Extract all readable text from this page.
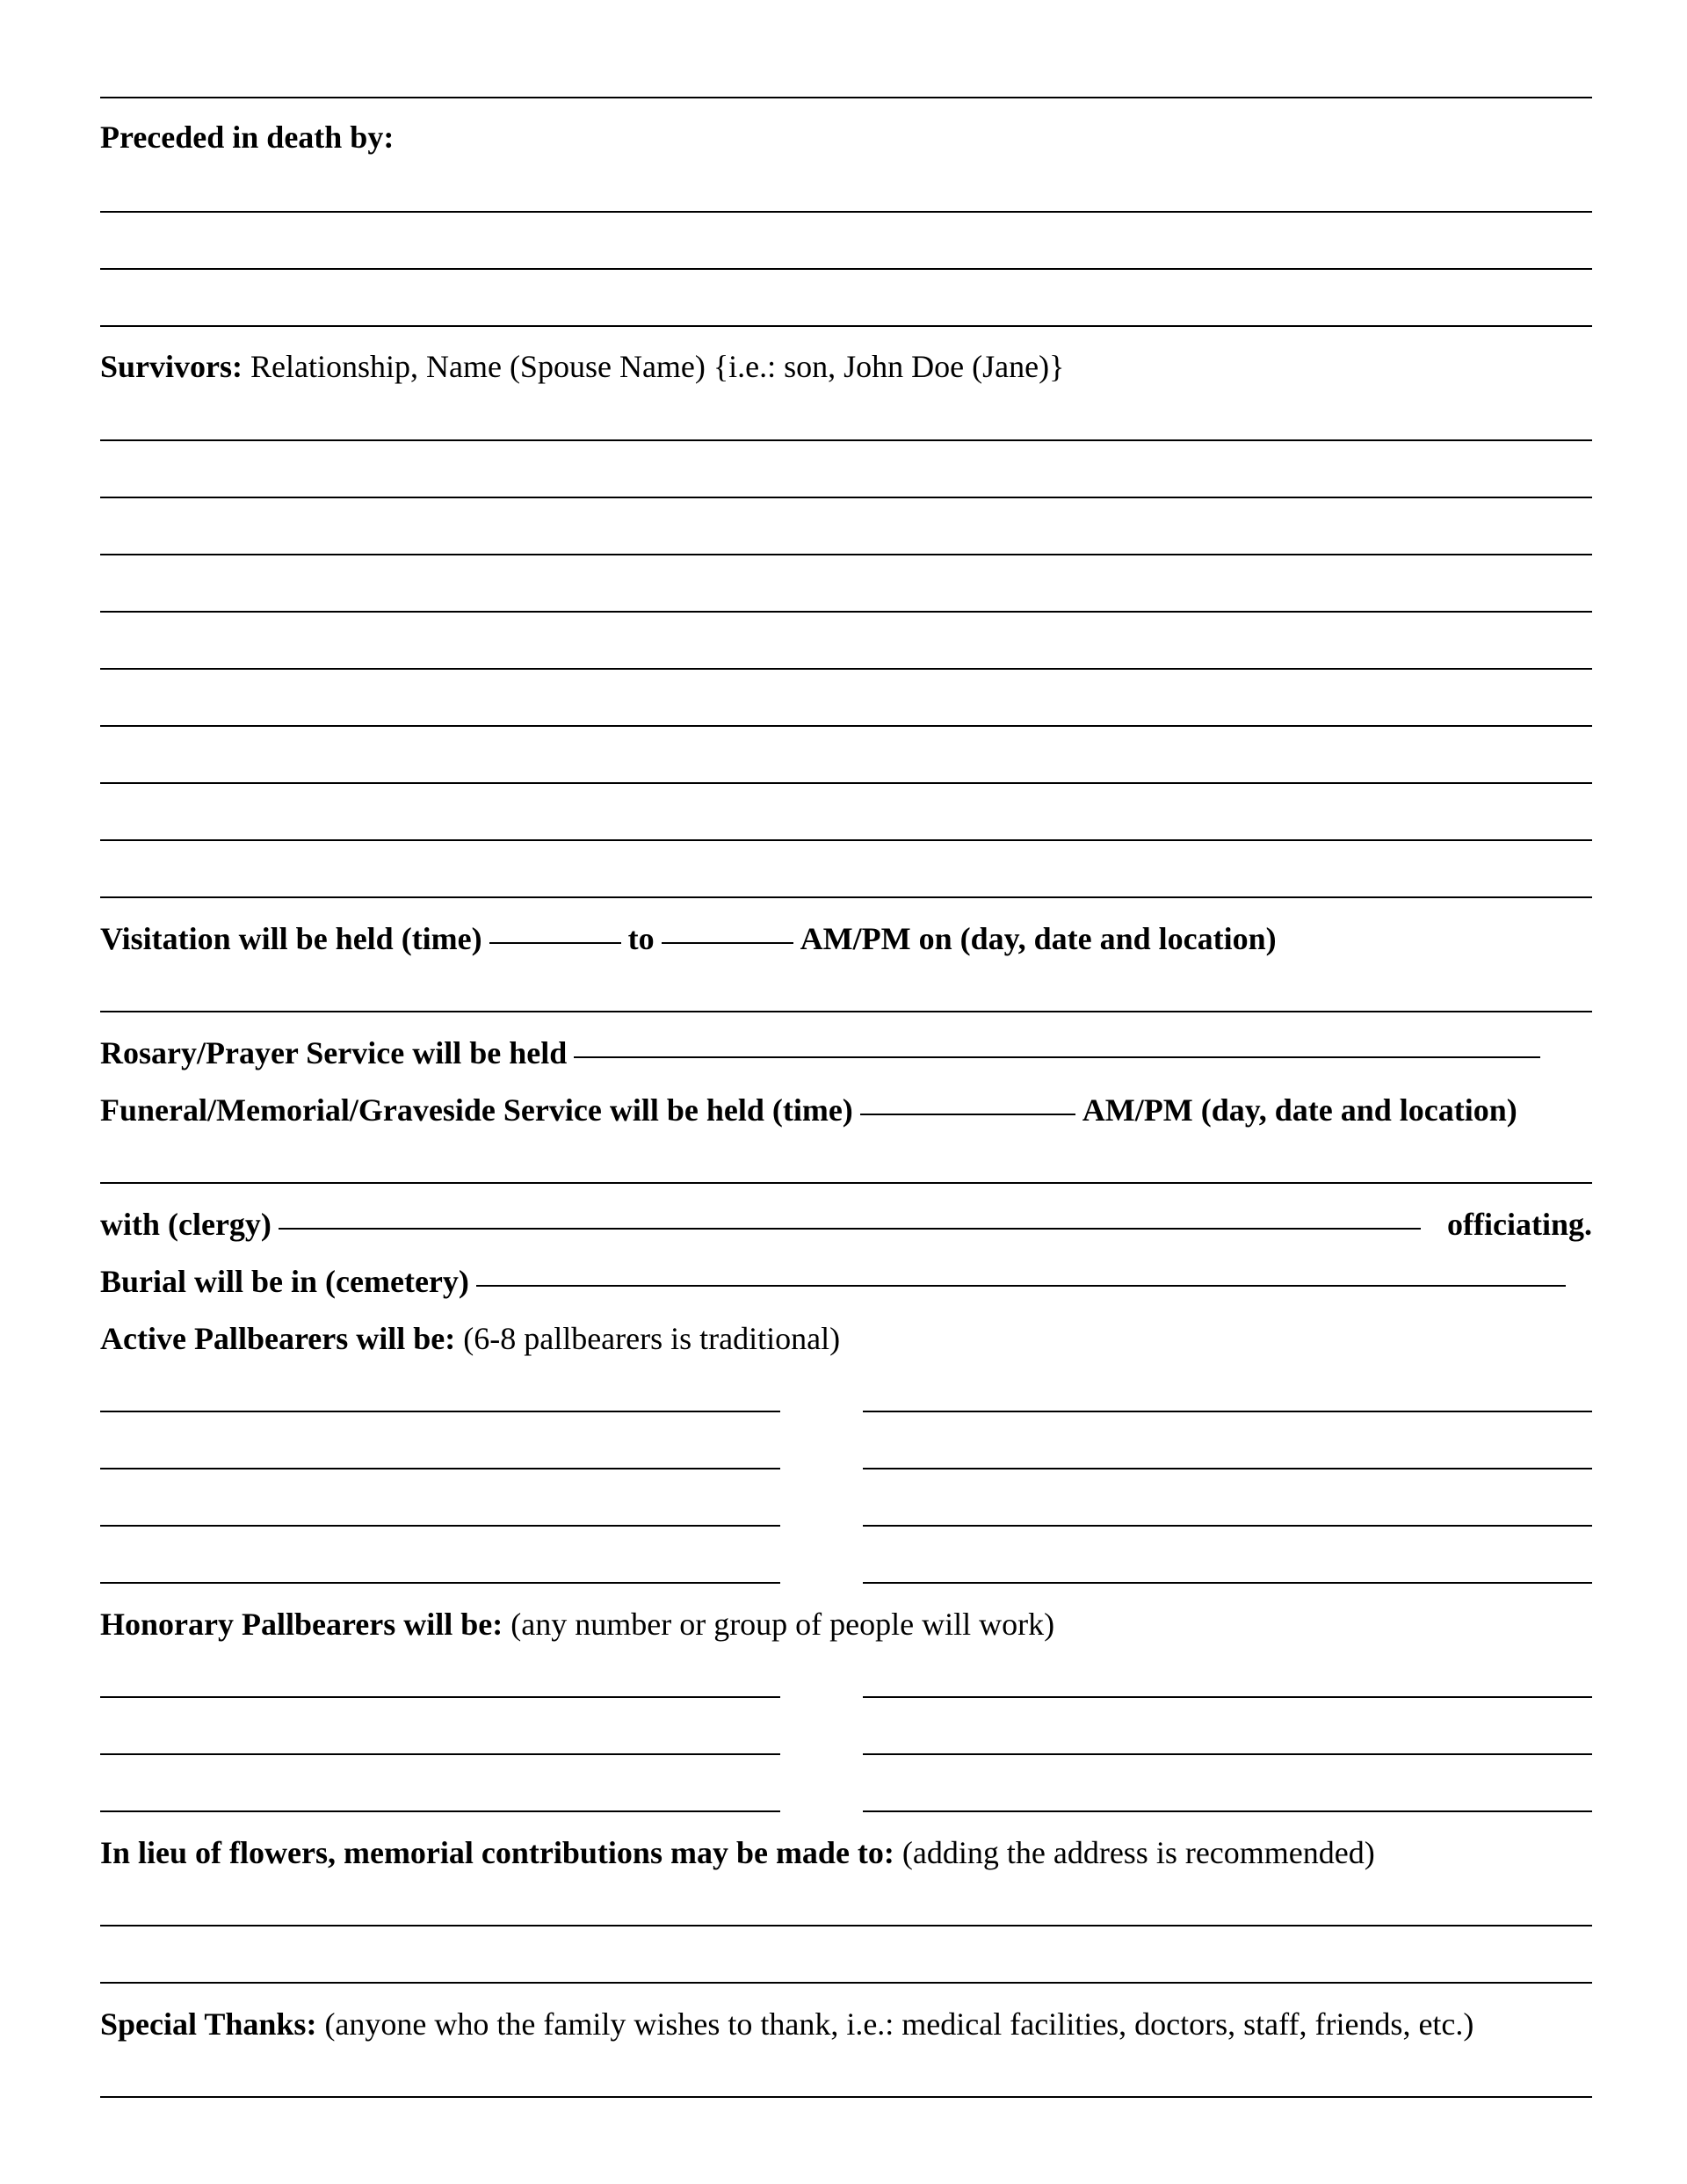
Preceded in death by:
Survivors: Relationship, Name (Spouse Name) {i.e.: son, John Doe (Jane)}
Visitation will be held (time)	to	AM/PM on (day, date and location)
Rosary/Prayer Service will be held
Funeral/Memorial/Graveside Service will be held (time)	AM/PM (day, date and location)
with (clergy)	officiating.
Burial will be in (cemetery)
Active Pallbearers will be: (6-8 pallbearers is traditional)
Honorary Pallbearers will be: (any number or group of people will work)
In lieu of flowers, memorial contributions may be made to: (adding the address is recommended)
Special Thanks: (anyone who the family wishes to thank, i.e.: medical facilities, doctors, staff, friends, etc.)
